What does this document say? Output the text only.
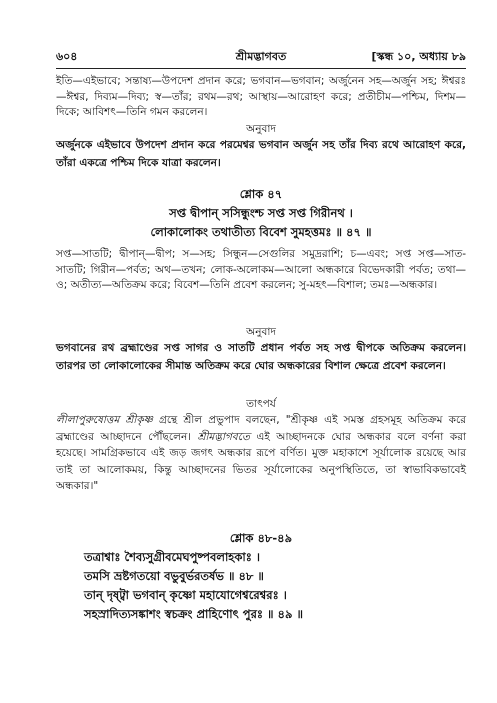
৬০৪	শ্রীমদ্ভাগবত	[স্কন্ধ ১০, অধ্যায় ৮৯
ইতি—এইভাবে; সন্তাষ্য—উপদেশ প্রদান করে; ভগবান—ভগবান; অর্জুনেন সহ—অর্জুন সহ; ঈশ্বরঃ—ঈশ্বর, দিব্যম—দিব্য; স্ব—তাঁর; রথম—রথ; আস্থায়—আরোহণ করে; প্রতীচীম—পশ্চিম, দিশম—দিকে; আবিশৎ—তিনি গমন করলেন।
অনুবাদ
অর্জুনকে এইভাবে উপদেশ প্রদান করে পরমেশ্বর ভগবান অর্জুন সহ তাঁর দিব্য রথে আরোহণ করে, তাঁরা একত্রে পশ্চিম দিকে যাত্রা করলেন।
শ্লোক ৪৭
সপ্ত দ্বীপান্ সসিন্ধুংশ্চ সপ্ত সপ্ত গিরীনথ ।
লোকালোকং তথাতীত্য বিবেশ সুমহত্তমঃ ॥ ৪৭ ॥
সপ্ত—সাতটি; দ্বীপান্—দ্বীপ; স—সহ; সিন্ধুন—সেগুলির সমুদ্ররাশি; চ—এবং; সপ্ত সপ্ত—সাত-সাতটি; গিরীন—পর্বত; অথ—তখন; লোক-অলোকম—আলো অন্ধকারে বিভেদকারী পর্বত; তথা—ও; অতীত্য—অতিক্রম করে; বিবেশ—তিনি প্রবেশ করলেন; সু-মহৎ—বিশাল; তমঃ—অন্ধকার।
অনুবাদ
ভগবানের রথ ব্রহ্মাণ্ডের সপ্ত সাগর ও সাতটি প্রধান পর্বত সহ সপ্ত দ্বীপকে অতিক্রম করলেন। তারপর তা লোকালোকের সীমান্ত অতিক্রম করে ঘোর অন্ধকারের বিশাল ক্ষেত্রে প্রবেশ করলেন।
তাৎপর্য
লীলাপুরুষোত্তম শ্রীকৃষ্ণ গ্রন্থে শ্রীল প্রভুপাদ বলছেন, "শ্রীকৃষ্ণ এই সমস্ত গ্রহসমূহ অতিক্রম করে ব্রহ্মাণ্ডের আচ্ছাদনে পৌঁছলেন। শ্রীমদ্ভাগবতে এই আচ্ছাদনকে ঘোর অন্ধকার বলে বর্ণনা করা হয়েছে। সামগ্রিকভাবে এই জড় জগৎ অন্ধকার রূপে বর্ণিত। মুক্ত মহাকাশে সূর্যালোক রয়েছে আর তাই তা আলোকময়, কিন্তু আচ্ছাদনের ভিতর সূর্যালোকের অনুপস্থিতিতে, তা স্বাভাবিকভাবেই অন্ধকার।"
শ্লোক ৪৮-৪৯
তত্রাশ্বাঃ শৈব্যসুগ্রীবমেঘপুষ্পবলাহকাঃ ।
তমসি ভ্রষ্টগতয়ো বভুবুর্ভরতর্ষভ ॥ ৪৮ ॥
তান্ দৃষ্ট্বা ভগবান্ কৃষ্ণো মহাযোগেশ্বরেশ্বরঃ ।
সহস্রাদিত্যসঙ্কাশং স্বচক্রং প্রাহিণোৎ পুরঃ ॥ ৪৯ ॥
